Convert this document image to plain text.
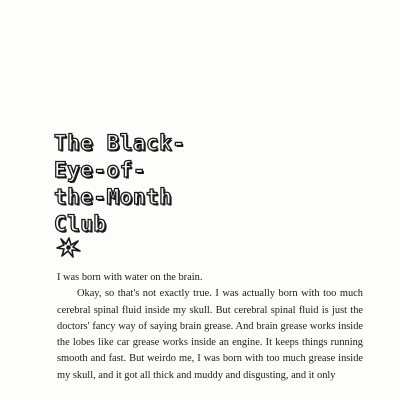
The Black-
Eye-of-
the-Month
Club

I was born with water on the brain.

Okay, so that's not exactly true. I was actually born with too much cerebral spinal fluid inside my skull. But cerebral spinal fluid is just the doctors' fancy way of saying brain grease. And brain grease works inside the lobes like car grease works inside an engine. It keeps things running smooth and fast. But weirdo me, I was born with too much grease inside my skull, and it got all thick and muddy and disgusting, and it only
